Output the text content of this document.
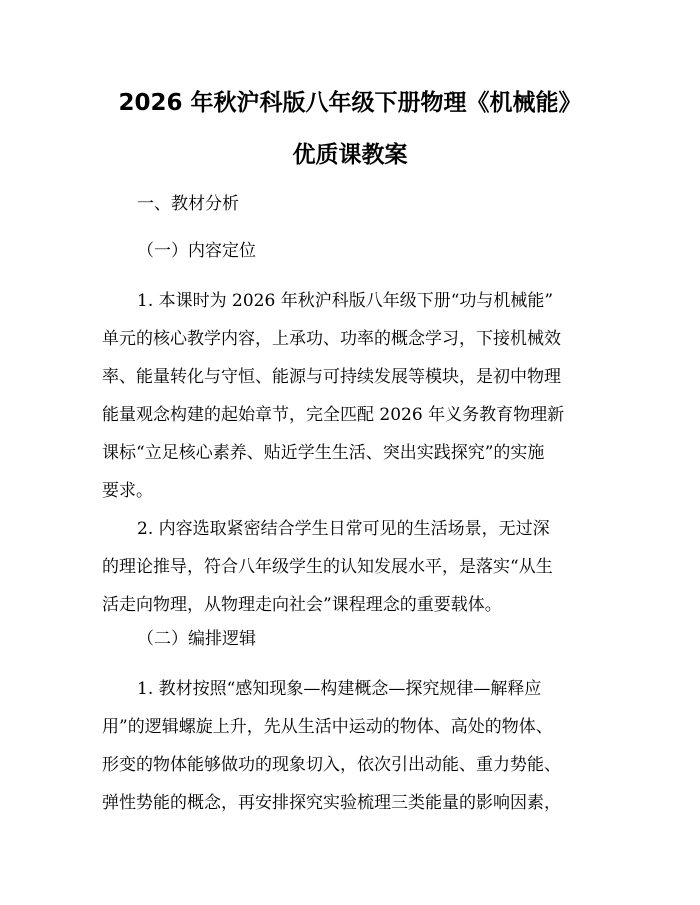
2026 年秋沪科版八年级下册物理《机械能》
优质课教案

一、教材分析

（一）内容定位

1. 本课时为 2026 年秋沪科版八年级下册“功与机械能”
单元的核心教学内容，上承功、功率的概念学习，下接机械效
率、能量转化与守恒、能源与可持续发展等模块，是初中物理
能量观念构建的起始章节，完全匹配 2026 年义务教育物理新
课标“立足核心素养、贴近学生生活、突出实践探究”的实施
要求。
2. 内容选取紧密结合学生日常可见的生活场景，无过深
的理论推导，符合八年级学生的认知发展水平，是落实“从生
活走向物理，从物理走向社会”课程理念的重要载体。

（二）编排逻辑

1. 教材按照“感知现象—构建概念—探究规律—解释应
用”的逻辑螺旋上升，先从生活中运动的物体、高处的物体、
形变的物体能够做功的现象切入，依次引出动能、重力势能、
弹性势能的概念，再安排探究实验梳理三类能量的影响因素，
